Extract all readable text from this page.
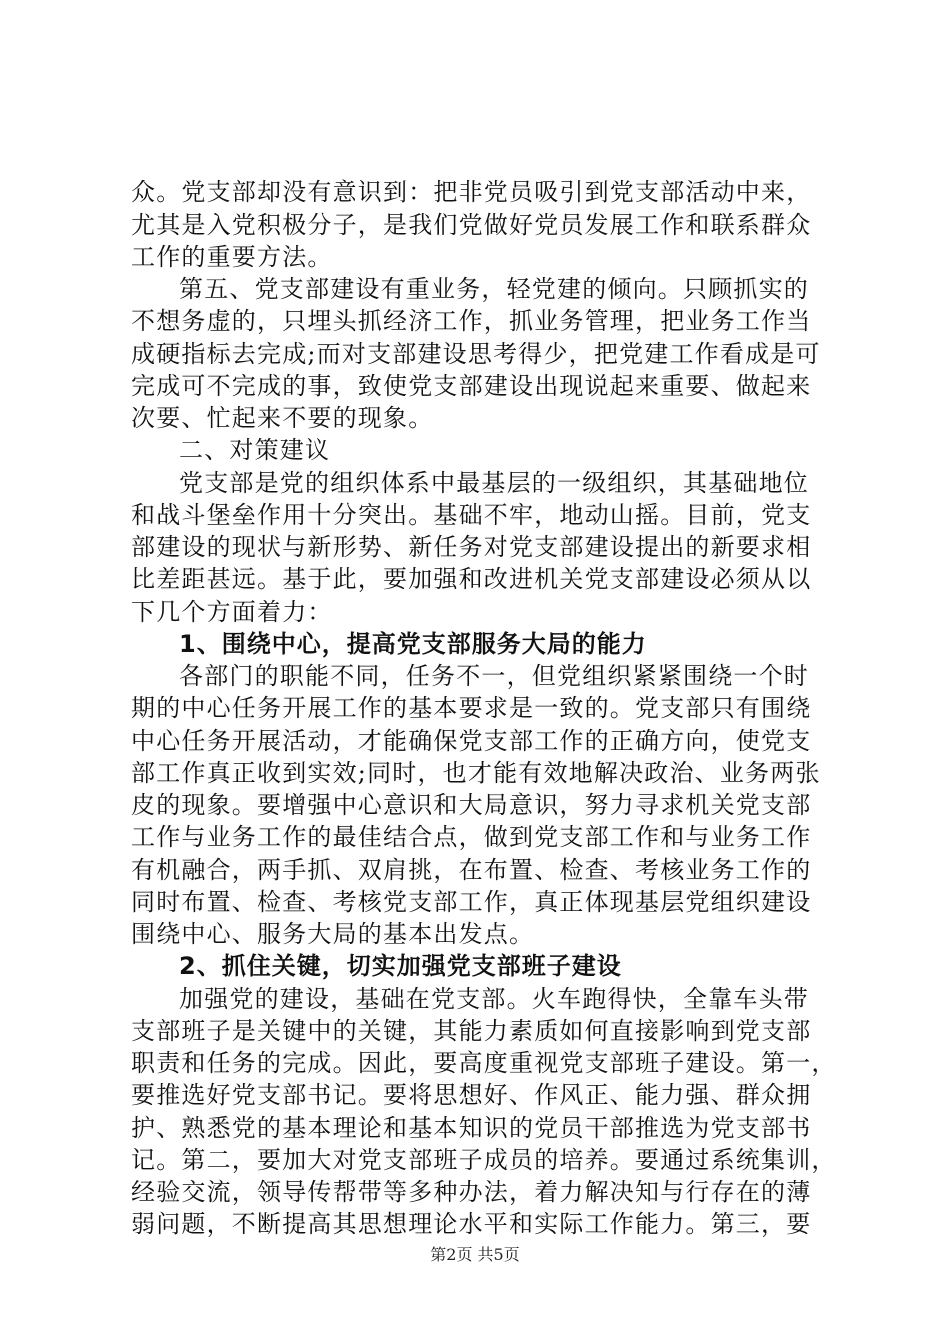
众。党支部却没有意识到：把非党员吸引到党支部活动中来，
尤其是入党积极分子，是我们党做好党员发展工作和联系群众
工作的重要方法。
第五、党支部建设有重业务，轻党建的倾向。只顾抓实的
不想务虚的，只埋头抓经济工作，抓业务管理，把业务工作当
成硬指标去完成;而对支部建设思考得少，把党建工作看成是可
完成可不完成的事，致使党支部建设出现说起来重要、做起来
次要、忙起来不要的现象。
二、对策建议
党支部是党的组织体系中最基层的一级组织，其基础地位
和战斗堡垒作用十分突出。基础不牢，地动山摇。目前，党支
部建设的现状与新形势、新任务对党支部建设提出的新要求相
比差距甚远。基于此，要加强和改进机关党支部建设必须从以
下几个方面着力：
1、围绕中心，提高党支部服务大局的能力
各部门的职能不同，任务不一，但党组织紧紧围绕一个时
期的中心任务开展工作的基本要求是一致的。党支部只有围绕
中心任务开展活动，才能确保党支部工作的正确方向，使党支
部工作真正收到实效;同时，也才能有效地解决政治、业务两张
皮的现象。要增强中心意识和大局意识，努力寻求机关党支部
工作与业务工作的最佳结合点，做到党支部工作和与业务工作
有机融合，两手抓、双肩挑，在布置、检查、考核业务工作的
同时布置、检查、考核党支部工作，真正体现基层党组织建设
围绕中心、服务大局的基本出发点。
2、抓住关键，切实加强党支部班子建设
加强党的建设，基础在党支部。火车跑得快，全靠车头带
支部班子是关键中的关键，其能力素质如何直接影响到党支部
职责和任务的完成。因此，要高度重视党支部班子建设。第一，
要推选好党支部书记。要将思想好、作风正、能力强、群众拥
护、熟悉党的基本理论和基本知识的党员干部推选为党支部书
记。第二，要加大对党支部班子成员的培养。要通过系统集训，
经验交流，领导传帮带等多种办法，着力解决知与行存在的薄
弱问题，不断提高其思想理论水平和实际工作能力。第三，要
第2页 共5页
